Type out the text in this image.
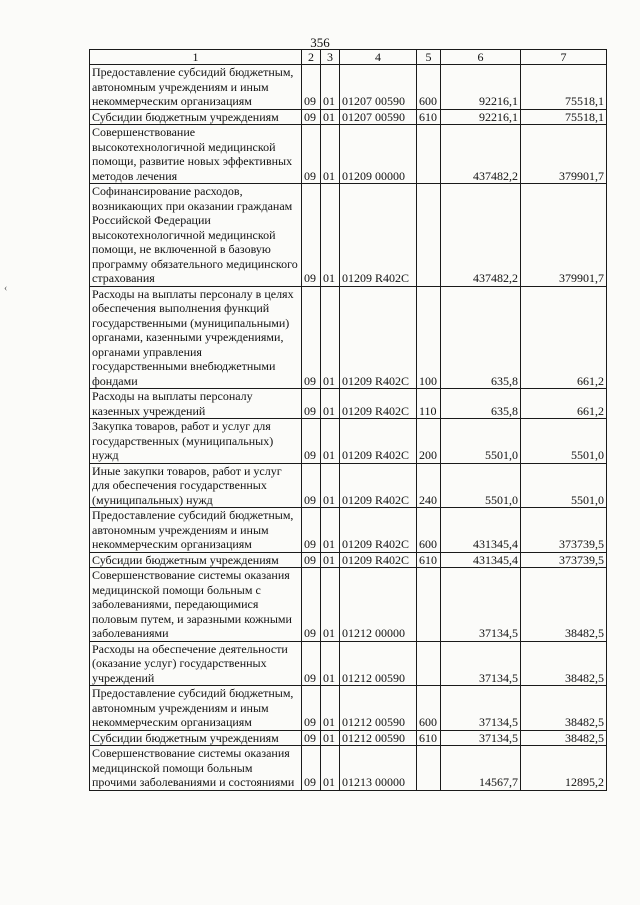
356
‹
1	2	3	4	5	6	7
Предоставление субсидий бюджетным, автономным учреждениям и иным некоммерческим организациям	09	01	01207 00590	600	92216,1	75518,1
Субсидии бюджетным учреждениям	09	01	01207 00590	610	92216,1	75518,1
Совершенствование высокотехнологичной медицинской помощи, развитие новых эффективных методов лечения	09	01	01209 00000		437482,2	379901,7
Софинансирование расходов, возникающих при оказании гражданам Российской Федерации высокотехнологичной медицинской помощи, не включенной в базовую программу обязательного медицинского страхования	09	01	01209 R402C		437482,2	379901,7
Расходы на выплаты персоналу в целях обеспечения выполнения функций государственными (муниципальными) органами, казенными учреждениями, органами управления государственными внебюджетными фондами	09	01	01209 R402C	100	635,8	661,2
Расходы на выплаты персоналу казенных учреждений	09	01	01209 R402C	110	635,8	661,2
Закупка товаров, работ и услуг для государственных (муниципальных) нужд	09	01	01209 R402C	200	5501,0	5501,0
Иные закупки товаров, работ и услуг для обеспечения государственных (муниципальных) нужд	09	01	01209 R402C	240	5501,0	5501,0
Предоставление субсидий бюджетным, автономным учреждениям и иным некоммерческим организациям	09	01	01209 R402C	600	431345,4	373739,5
Субсидии бюджетным учреждениям	09	01	01209 R402C	610	431345,4	373739,5
Совершенствование системы оказания медицинской помощи больным с заболеваниями, передающимися половым путем, и заразными кожными заболеваниями	09	01	01212 00000		37134,5	38482,5
Расходы на обеспечение деятельности (оказание услуг) государственных учреждений	09	01	01212 00590		37134,5	38482,5
Предоставление субсидий бюджетным, автономным учреждениям и иным некоммерческим организациям	09	01	01212 00590	600	37134,5	38482,5
Субсидии бюджетным учреждениям	09	01	01212 00590	610	37134,5	38482,5
Совершенствование системы оказания медицинской помощи больным прочими заболеваниями и состояниями	09	01	01213 00000		14567,7	12895,2
